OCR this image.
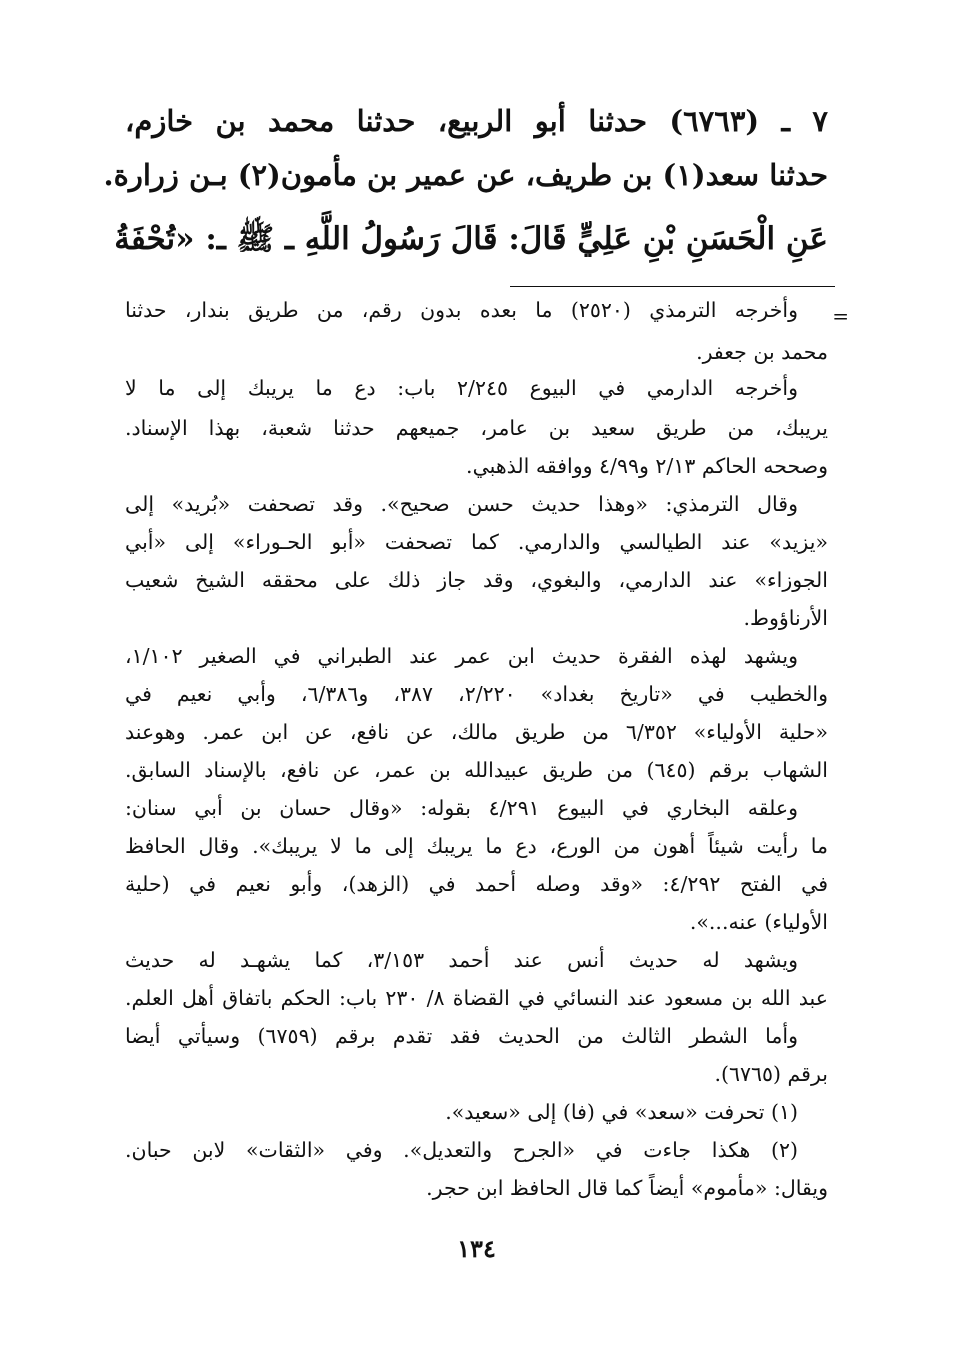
٧ ـ (٦٧٦٣) حدثنا أبو الربيع، حدثنا محمد بن خازم،
حدثنا سعد(١) بن طريف، عن عمير بن مأمون(٢) بـن زرارة.
عَنِ الْحَسَنِ بْنِ عَلِيٍّ قَالَ: قَالَ رَسُولُ اللَّهِ ـ ﷺ ـ: «تُحْفَةُ
=
وأخرجه الترمذي (٢٥٢٠) ما بعده بدون رقم، من طريق بندار، حدثنا
محمد بن جعفر.
وأخرجه الدارمي في البيوع ٢/٢٤٥ باب: دع ما يريبك إلى ما لا
يريبك، من طريق سعيد بن عامر، جميعهم حدثنا شعبة، بهذا الإسناد.
وصححه الحاكم ٢/١٣ و٤/٩٩ ووافقه الذهبي.
وقال الترمذي: «وهذا حديث حسن صحيح». وقد تصحفت «بُريد» إلى
«يزيد» عند الطيالسي والدارمي. كما تصحفت «أبو الحـوراء» إلى «أبي
الجوزاء» عند الدارمي، والبغوي، وقد جاز ذلك على محققه الشيخ شعيب
الأرناؤوط.
ويشهد لهذه الفقرة حديث ابن عمر عند الطبراني في الصغير ١/١٠٢،
والخطيب في «تاريخ بغداد» ٢/٢٢٠، ٣٨٧، و٦/٣٨٦، وأبي نعيم في
«حلية الأولياء» ٦/٣٥٢ من طريق مالك، عن نافع، عن ابن عمر. وهوعند
الشهاب برقم (٦٤٥) من طريق عبيدالله بن عمر، عن نافع، بالإسناد السابق.
وعلقه البخاري في البيوع ٤/٢٩١ بقوله: «وقال حسان بن أبي سنان:
ما رأيت شيئاً أهون من الورع، دع ما يريبك إلى ما لا يريبك». وقال الحافظ
في الفتح ٤/٢٩٢: «وقد وصله أحمد في (الزهد)، وأبو نعيم في (حلية
الأولياء) عنه...».
ويشهد له حديث أنس عند أحمد ٣/١٥٣، كما يشهـد له حديث
عبد الله بن مسعود عند النسائي في القضاة ٨/ ٢٣٠ باب: الحكم باتفاق أهل العلم.
وأما الشطر الثالث من الحديث فقد تقدم برقم (٦٧٥٩) وسيأتي أيضا
برقم (٦٧٦٥).
(١) تحرفت «سعد» في (فا) إلى «سعيد».
(٢) هكذا جاءت في «الجرح والتعديل». وفي «الثقات» لابن حبان.
ويقال: «مأموم» أيضاً كما قال الحافظ ابن حجر.
١٣٤
